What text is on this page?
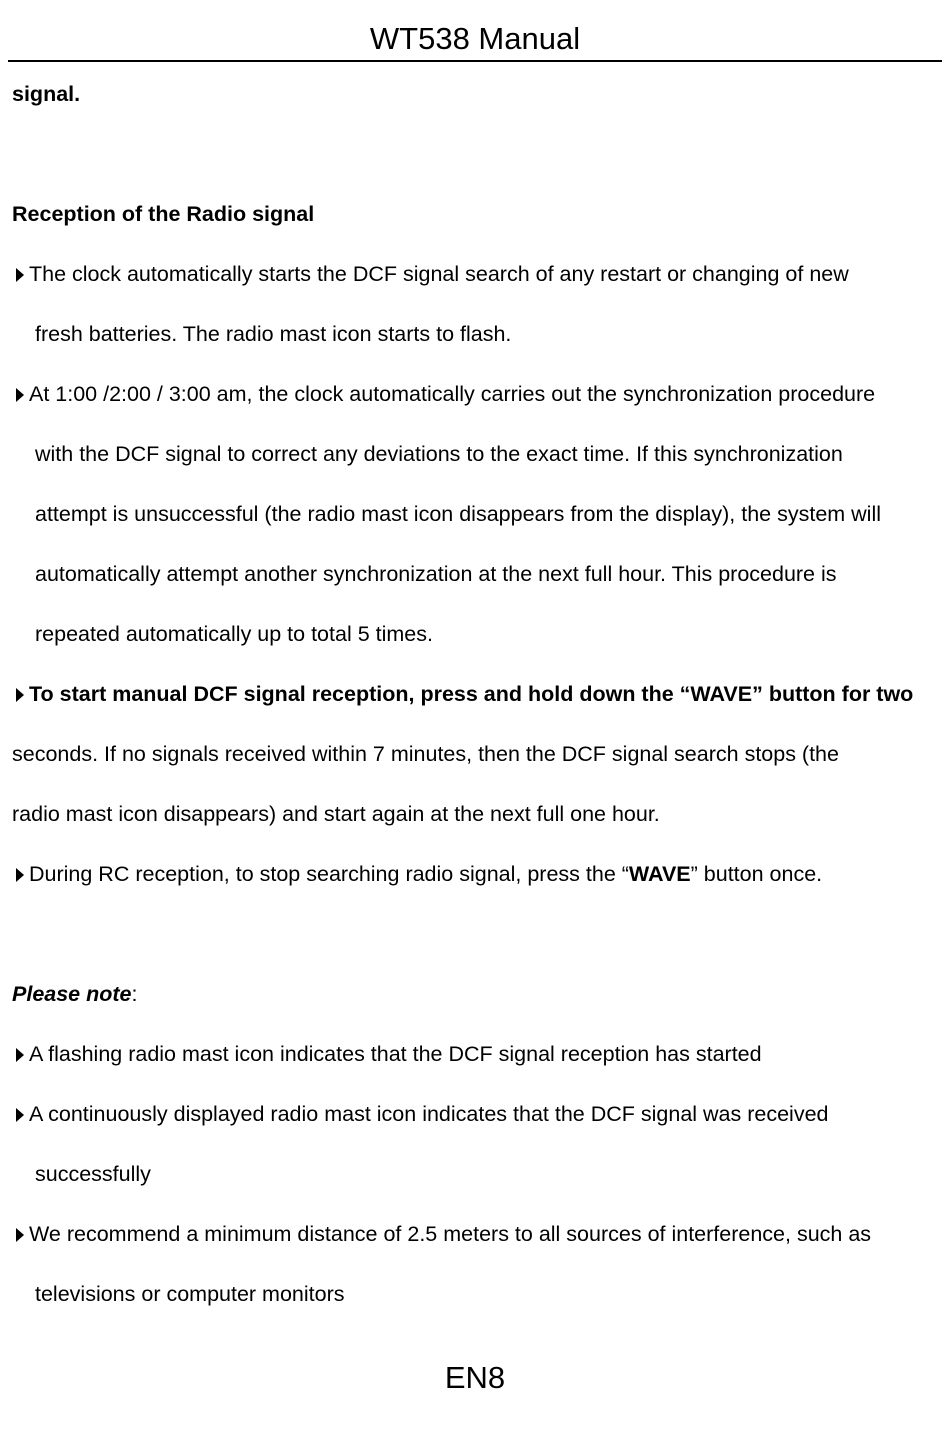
WT538 Manual
signal.
Reception of the Radio signal
The clock automatically starts the DCF signal search of any restart or changing of new
fresh batteries. The radio mast icon starts to flash.
At 1:00 /2:00 / 3:00 am, the clock automatically carries out the synchronization procedure
with the DCF signal to correct any deviations to the exact time. If this synchronization
attempt is unsuccessful (the radio mast icon disappears from the display), the system will
automatically attempt another synchronization at the next full hour. This procedure is
repeated automatically up to total 5 times.
To start manual DCF signal reception, press and hold down the “WAVE” button for two
seconds. If no signals received within 7 minutes, then the DCF signal search stops (the
radio mast icon disappears) and start again at the next full one hour.
During RC reception, to stop searching radio signal, press the “WAVE” button once.
Please note:
A flashing radio mast icon indicates that the DCF signal reception has started
A continuously displayed radio mast icon indicates that the DCF signal was received
successfully
We recommend a minimum distance of 2.5 meters to all sources of interference, such as
televisions or computer monitors
EN8
